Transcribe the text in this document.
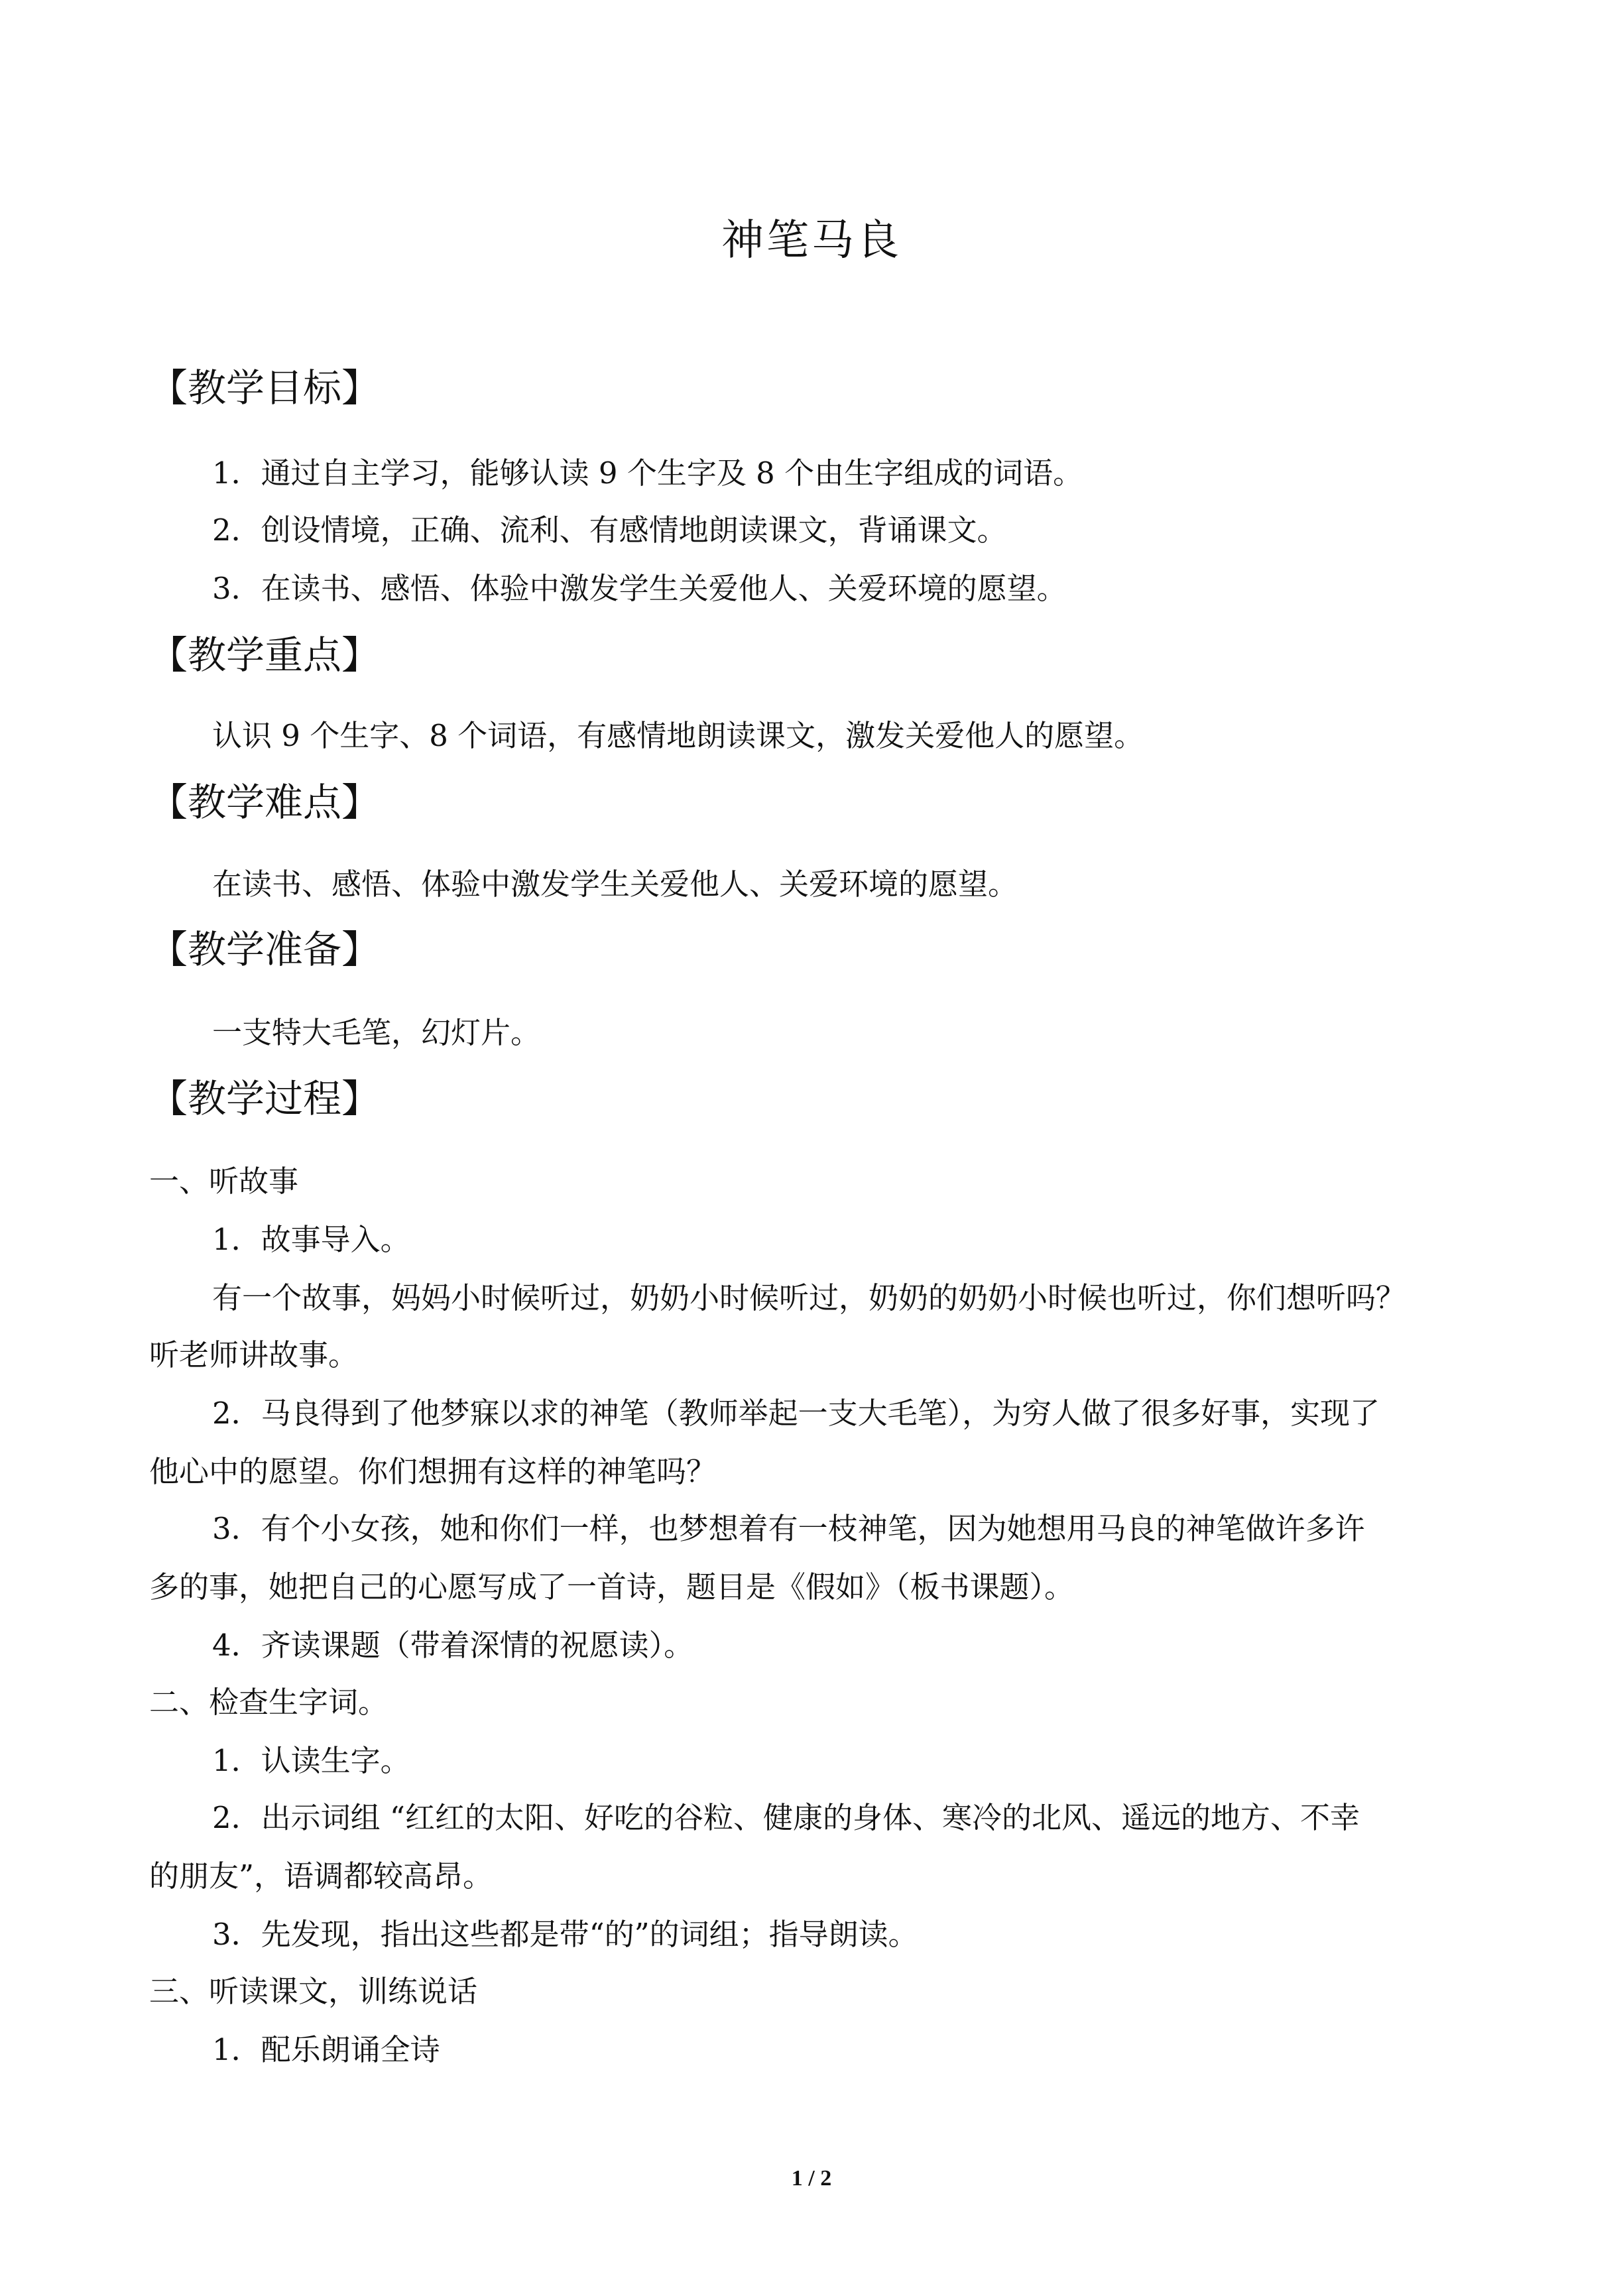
神笔马良
【教学目标】
1．通过自主学习，能够认读 9 个生字及 8 个由生字组成的词语。
2．创设情境，正确、流利、有感情地朗读课文，背诵课文。
3．在读书、感悟、体验中激发学生关爱他人、关爱环境的愿望。
【教学重点】
认识 9 个生字、8 个词语，有感情地朗读课文，激发关爱他人的愿望。
【教学难点】
在读书、感悟、体验中激发学生关爱他人、关爱环境的愿望。
【教学准备】
一支特大毛笔，幻灯片。
【教学过程】
一、听故事
1．故事导入。
有一个故事，妈妈小时候听过，奶奶小时候听过，奶奶的奶奶小时候也听过，你们想听吗？
听老师讲故事。
2．马良得到了他梦寐以求的神笔（教师举起一支大毛笔），为穷人做了很多好事，实现了
他心中的愿望。你们想拥有这样的神笔吗？
3．有个小女孩，她和你们一样，也梦想着有一枝神笔，因为她想用马良的神笔做许多许
多的事，她把自己的心愿写成了一首诗，题目是《假如》（板书课题）。
4．齐读课题（带着深情的祝愿读）。
二、检查生字词。
1．认读生字。
2．出示词组 “红红的太阳、好吃的谷粒、健康的身体、寒冷的北风、遥远的地方、不幸
的朋友”，语调都较高昂。
3．先发现，指出这些都是带“的”的词组；指导朗读。
三、听读课文，训练说话
1．配乐朗诵全诗
1 / 2
